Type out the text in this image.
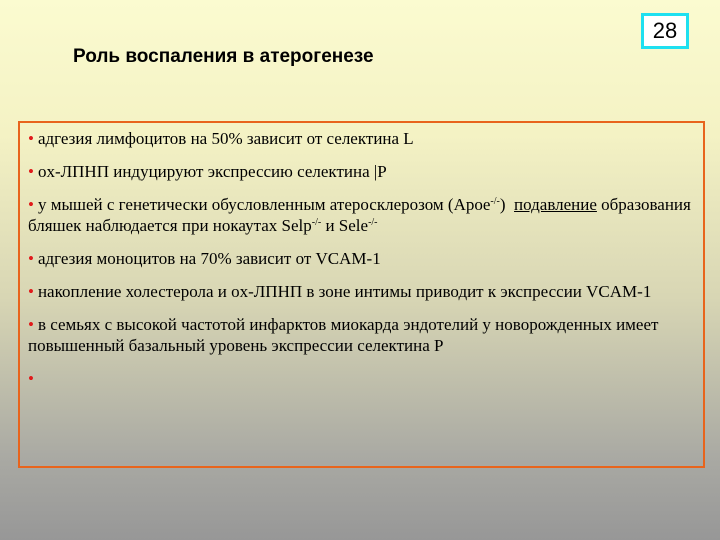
28
Роль воспаления в атерогенезе
• адгезия лимфоцитов на 50% зависит от селектина L
• ox-ЛПНП индуцируют экспрессию селектина |P
• у мышей с генетически обусловленным атеросклерозом (Apoe-/-)  подавление образования бляшек наблюдается при нокаутах Selp-/- и Sele-/-
• адгезия моноцитов на 70% зависит от VCAM-1
• накопление холестерола и ox-ЛПНП в зоне интимы приводит к экспрессии VCAM-1
• в семьях с высокой частотой инфарктов миокарда эндотелий у новорожденных имеет повышенный базальный уровень экспрессии селектина P
•
